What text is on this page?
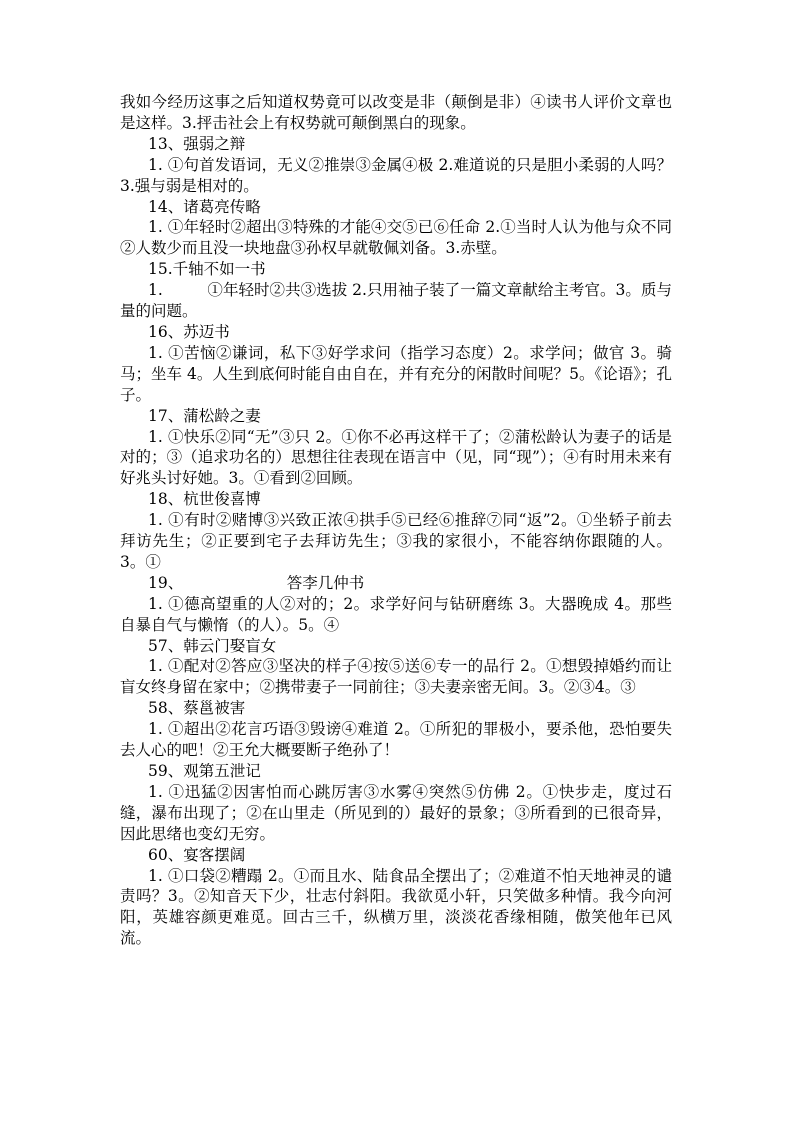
我如今经历这事之后知道权势竟可以改变是非（颠倒是非）④读书人评价文章也是这样。3.抨击社会上有权势就可颠倒黑白的现象。

13、强弱之辩

1. ①句首发语词，无义②推崇③金属④极 2.难道说的只是胆小柔弱的人吗？3.强与弱是相对的。

14、诸葛亮传略

1. ①年轻时②超出③特殊的才能④交⑤已⑥任命 2.①当时人认为他与众不同②人数少而且没一块地盘③孙权早就敬佩刘备。3.赤壁。

15.千轴不如一书

1.         ①年轻时②共③选拔 2.只用袖子装了一篇文章献给主考官。3。质与量的问题。

16、苏迈书

1. ①苦恼②谦词，私下③好学求问（指学习态度）2。求学问；做官 3。骑马；坐车 4。人生到底何时能自由自在，并有充分的闲散时间呢？5。《论语》；孔子。

17、蒲松龄之妻

1. ①快乐②同“无”③只 2。①你不必再这样干了；②蒲松龄认为妻子的话是对的；③（追求功名的）思想往往表现在语言中（见，同“现”）；④有时用未来有好兆头讨好她。3。①看到②回顾。

18、杭世俊喜博

1. ①有时②赌博③兴致正浓④拱手⑤已经⑥推辞⑦同“返”2。①坐轿子前去拜访先生；②正要到宅子去拜访先生；③我的家很小，不能容纳你跟随的人。3。①

19、                     答李几仲书

1. ①德高望重的人②对的；2。求学好问与钻研磨练 3。大器晚成 4。那些自暴自气与懒惰（的人）。5。④

57、韩云门娶盲女

1. ①配对②答应③坚决的样子④按⑤送⑥专一的品行 2。①想毁掉婚约而让盲女终身留在家中；②携带妻子一同前往；③夫妻亲密无间。3。②③4。③

58、蔡邕被害

1. ①超出②花言巧语③毁谤④难道 2。①所犯的罪极小，要杀他，恐怕要失去人心的吧！②王允大概要断子绝孙了！

59、观第五泄记

1. ①迅猛②因害怕而心跳厉害③水雾④突然⑤仿佛 2。①快步走，度过石缝，瀑布出现了；②在山里走（所见到的）最好的景象；③所看到的已很奇异，因此思绪也变幻无穷。

60、宴客摆阔

1. ①口袋②糟蹋 2。①而且水、陆食品全摆出了；②难道不怕天地神灵的谴责吗？3。②知音天下少，壮志付斜阳。我欲觅小轩，只笑做多种情。我今向河阳，英雄容颜更难觅。回古三千，纵横万里，淡淡花香缘相随，傲笑他年已风流。
